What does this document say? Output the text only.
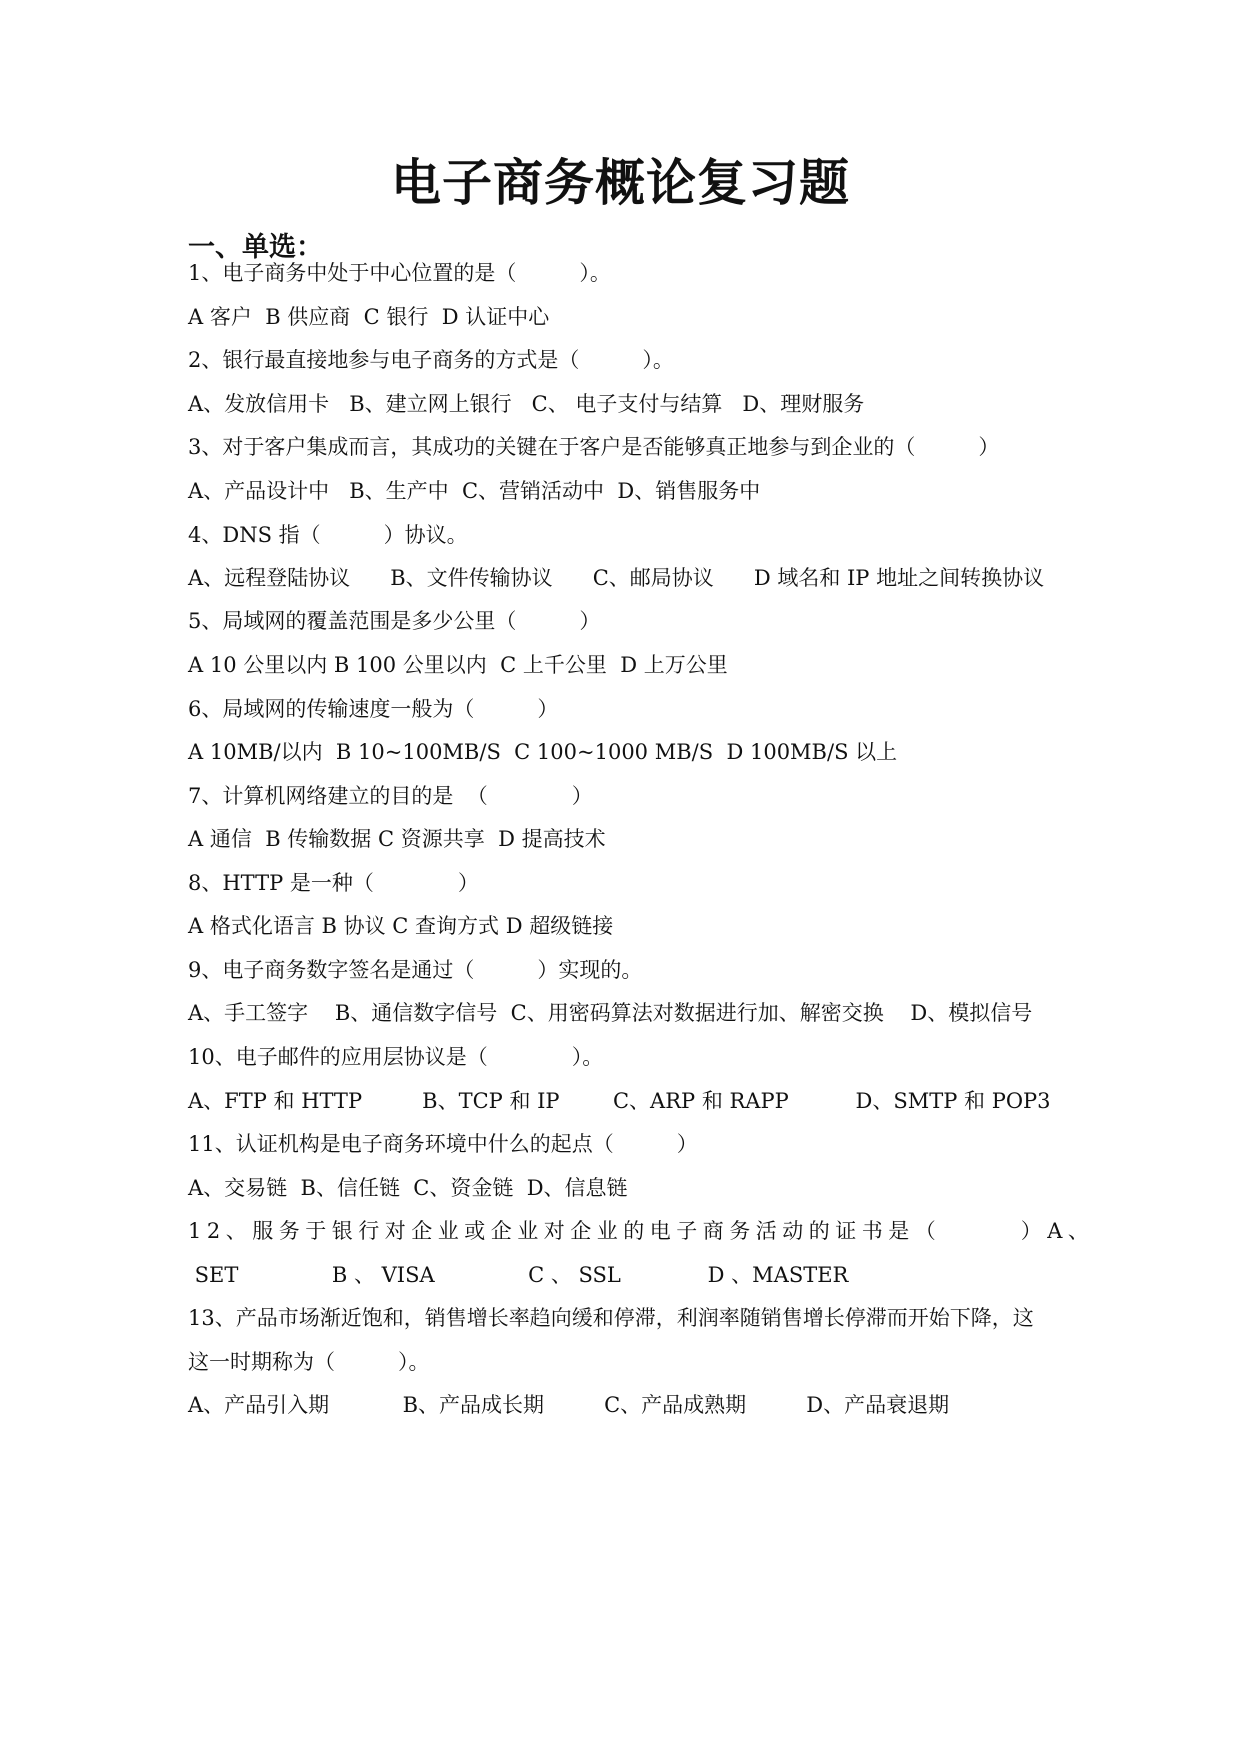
电子商务概论复习题
一、单选：
1、电子商务中处于中心位置的是（　　　）。
A 客户  B 供应商  C 银行  D 认证中心
2、银行最直接地参与电子商务的方式是（　　　）。
A、发放信用卡   B、建立网上银行   C、 电子支付与结算   D、理财服务
3、对于客户集成而言，其成功的关键在于客户是否能够真正地参与到企业的（　　　）
A、产品设计中   B、生产中  C、营销活动中  D、销售服务中
4、DNS 指（　　　）协议。
A、远程登陆协议      B、文件传输协议      C、邮局协议      D 域名和 IP 地址之间转换协议
5、局域网的覆盖范围是多少公里（　　　）
A 10 公里以内 B 100 公里以内  C 上千公里  D 上万公里
6、局域网的传输速度一般为（　　　）
A 10MB/以内  B 10~100MB/S  C 100~1000 MB/S  D 100MB/S 以上
7、计算机网络建立的目的是  （　　　　）
A 通信  B 传输数据 C 资源共享  D 提高技术
8、HTTP 是一种（　　　　）
A 格式化语言 B 协议 C 查询方式 D 超级链接
9、电子商务数字签名是通过（　　　）实现的。
A、手工签字    B、通信数字信号  C、用密码算法对数据进行加、解密交换    D、模拟信号
10、电子邮件的应用层协议是（　　　　）。
A、FTP 和 HTTP         B、TCP 和 IP        C、ARP 和 RAPP          D、SMTP 和 POP3
11、认证机构是电子商务环境中什么的起点（　　　）
A、交易链  B、信任链  C、资金链  D、信息链
12、服务于银行对企业或企业对企业的电子商务活动的证书是（　　　）A、
SET              B 、 VISA              C 、 SSL             D 、MASTER
13、产品市场渐近饱和，销售增长率趋向缓和停滞，利润率随销售增长停滞而开始下降，这
这一时期称为（　　　）。
A、产品引入期           B、产品成长期         C、产品成熟期         D、产品衰退期
